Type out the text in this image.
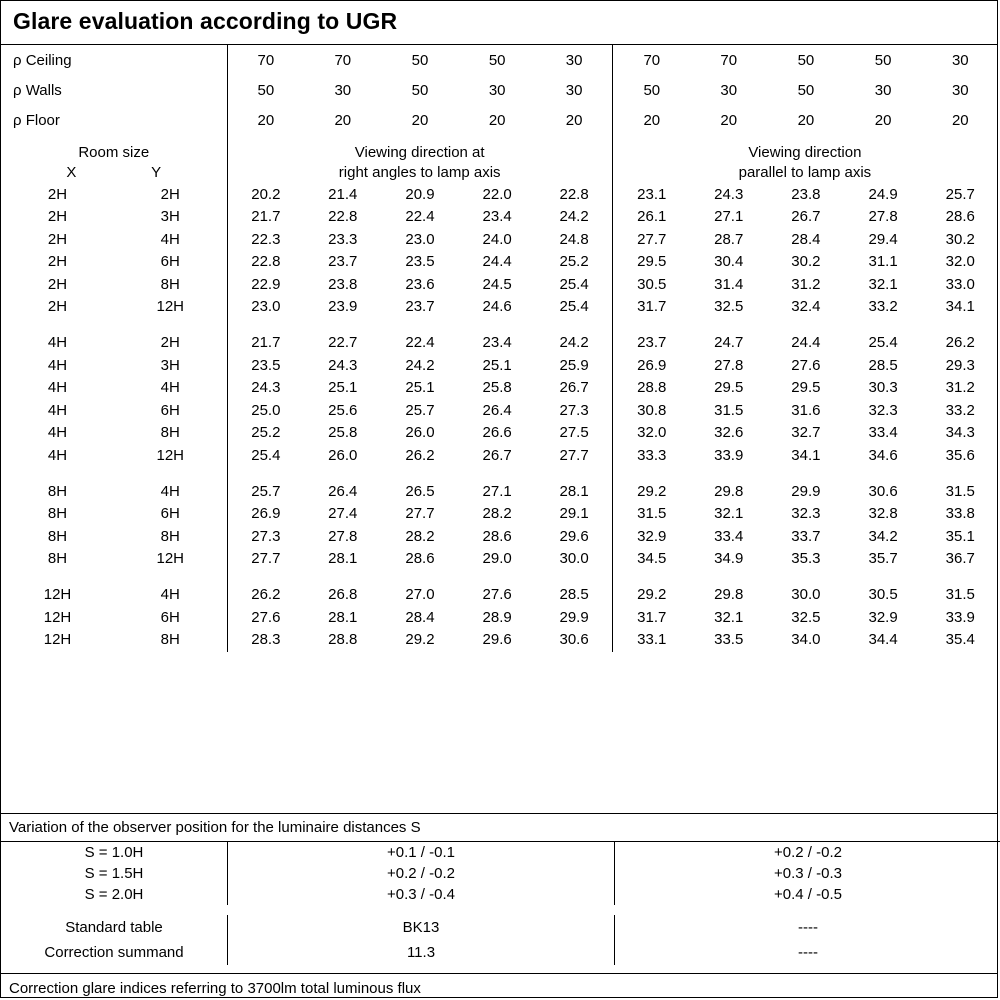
Glare evaluation according to UGR
ρ Ceiling	70	70	50	50	30	70	70	50	50	30
ρ Walls	50	30	50	30	30	50	30	50	30	30
ρ Floor	20	20	20	20	20	20	20	20	20	20
Room size
X	Y
Viewing direction at
right angles to lamp axis
Viewing direction
parallel to lamp axis
2H	2H	20.2	21.4	20.9	22.0	22.8	23.1	24.3	23.8	24.9	25.7
2H	3H	21.7	22.8	22.4	23.4	24.2	26.1	27.1	26.7	27.8	28.6
2H	4H	22.3	23.3	23.0	24.0	24.8	27.7	28.7	28.4	29.4	30.2
2H	6H	22.8	23.7	23.5	24.4	25.2	29.5	30.4	30.2	31.1	32.0
2H	8H	22.9	23.8	23.6	24.5	25.4	30.5	31.4	31.2	32.1	33.0
2H	12H	23.0	23.9	23.7	24.6	25.4	31.7	32.5	32.4	33.2	34.1

4H	2H	21.7	22.7	22.4	23.4	24.2	23.7	24.7	24.4	25.4	26.2
4H	3H	23.5	24.3	24.2	25.1	25.9	26.9	27.8	27.6	28.5	29.3
4H	4H	24.3	25.1	25.1	25.8	26.7	28.8	29.5	29.5	30.3	31.2
4H	6H	25.0	25.6	25.7	26.4	27.3	30.8	31.5	31.6	32.3	33.2
4H	8H	25.2	25.8	26.0	26.6	27.5	32.0	32.6	32.7	33.4	34.3
4H	12H	25.4	26.0	26.2	26.7	27.7	33.3	33.9	34.1	34.6	35.6

8H	4H	25.7	26.4	26.5	27.1	28.1	29.2	29.8	29.9	30.6	31.5
8H	6H	26.9	27.4	27.7	28.2	29.1	31.5	32.1	32.3	32.8	33.8
8H	8H	27.3	27.8	28.2	28.6	29.6	32.9	33.4	33.7	34.2	35.1
8H	12H	27.7	28.1	28.6	29.0	30.0	34.5	34.9	35.3	35.7	36.7

12H	4H	26.2	26.8	27.0	27.6	28.5	29.2	29.8	30.0	30.5	31.5
12H	6H	27.6	28.1	28.4	28.9	29.9	31.7	32.1	32.5	32.9	33.9
12H	8H	28.3	28.8	29.2	29.6	30.6	33.1	33.5	34.0	34.4	35.4
Variation of the observer position for the luminaire distances S
S = 1.0H	+0.1 / -0.1	+0.2 / -0.2
S = 1.5H	+0.2 / -0.2	+0.3 / -0.3
S = 2.0H	+0.3 / -0.4	+0.4 / -0.5
Standard table	BK13	----
Correction summand	11.3	----
Correction glare indices referring to 3700lm total luminous flux
